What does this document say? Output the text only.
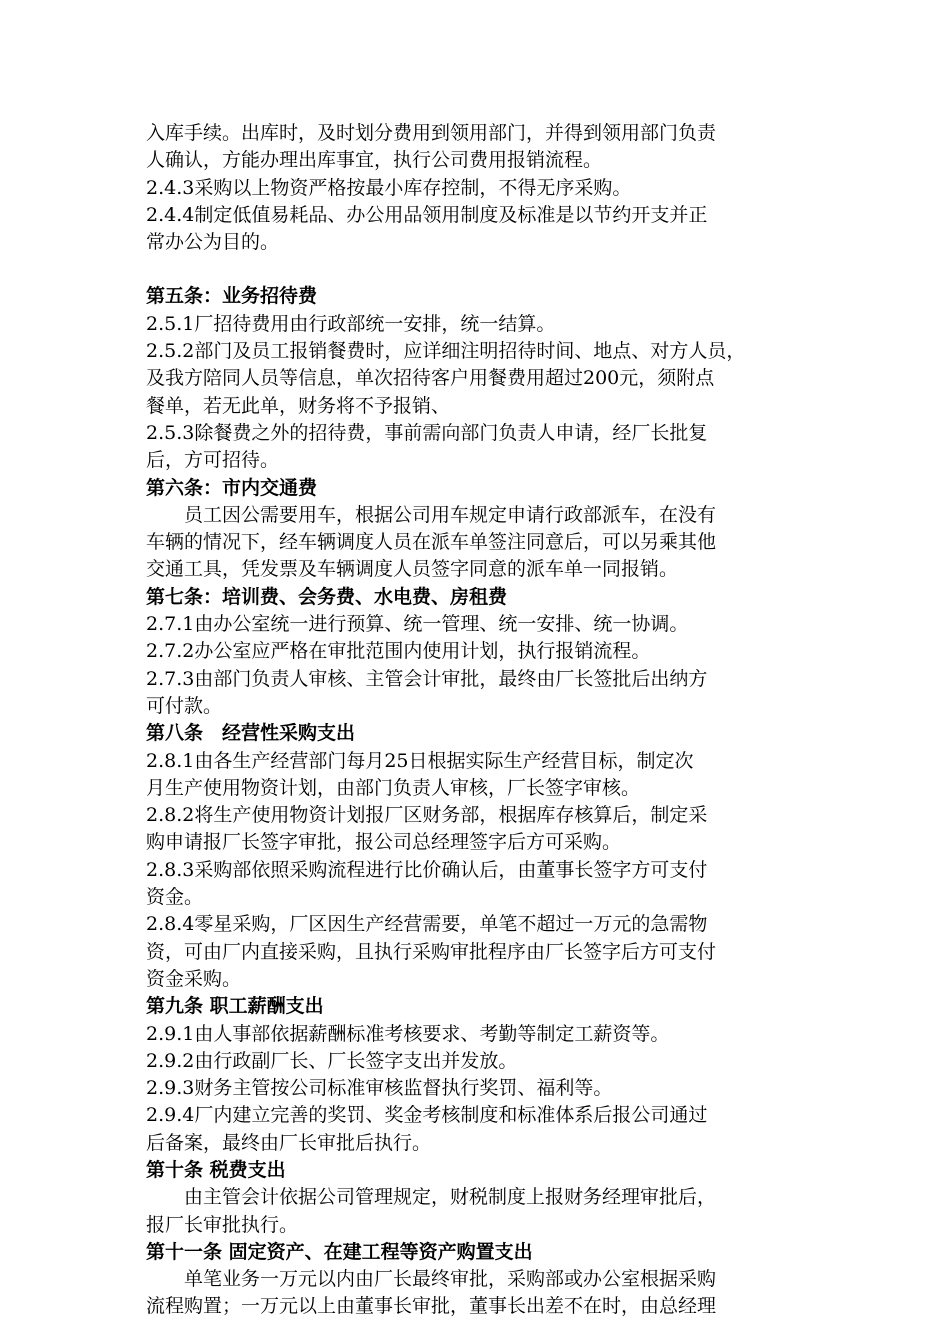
入库手续。出库时，及时划分费用到领用部门，并得到领用部门负责
人确认，方能办理出库事宜，执行公司费用报销流程。
2.4.3采购以上物资严格按最小库存控制，不得无序采购。
2.4.4制定低值易耗品、办公用品领用制度及标准是以节约开支并正
常办公为目的。
第五条：业务招待费
2.5.1厂招待费用由行政部统一安排，统一结算。
2.5.2部门及员工报销餐费时，应详细注明招待时间、地点、对方人员，
及我方陪同人员等信息，单次招待客户用餐费用超过200元，须附点
餐单，若无此单，财务将不予报销、
2.5.3除餐费之外的招待费，事前需向部门负责人申请，经厂长批复
后，方可招待。
第六条：市内交通费
员工因公需要用车，根据公司用车规定申请行政部派车，在没有
车辆的情况下，经车辆调度人员在派车单签注同意后，可以另乘其他
交通工具，凭发票及车辆调度人员签字同意的派车单一同报销。
第七条：培训费、会务费、水电费、房租费
2.7.1由办公室统一进行预算、统一管理、统一安排、统一协调。
2.7.2办公室应严格在审批范围内使用计划，执行报销流程。
2.7.3由部门负责人审核、主管会计审批，最终由厂长签批后出纳方
可付款。
第八条　经营性采购支出
2.8.1由各生产经营部门每月25日根据实际生产经营目标，制定次
月生产使用物资计划，由部门负责人审核，厂长签字审核。
2.8.2将生产使用物资计划报厂区财务部，根据库存核算后，制定采
购申请报厂长签字审批，报公司总经理签字后方可采购。
2.8.3采购部依照采购流程进行比价确认后，由董事长签字方可支付
资金。
2.8.4零星采购，厂区因生产经营需要，单笔不超过一万元的急需物
资，可由厂内直接采购，且执行采购审批程序由厂长签字后方可支付
资金采购。
第九条 职工薪酬支出
2.9.1由人事部依据薪酬标准考核要求、考勤等制定工薪资等。
2.9.2由行政副厂长、厂长签字支出并发放。
2.9.3财务主管按公司标准审核监督执行奖罚、福利等。
2.9.4厂内建立完善的奖罚、奖金考核制度和标准体系后报公司通过
后备案，最终由厂长审批后执行。
第十条 税费支出
由主管会计依据公司管理规定，财税制度上报财务经理审批后，
报厂长审批执行。
第十一条 固定资产、在建工程等资产购置支出
单笔业务一万元以内由厂长最终审批，采购部或办公室根据采购
流程购置；一万元以上由董事长审批，董事长出差不在时，由总经理
